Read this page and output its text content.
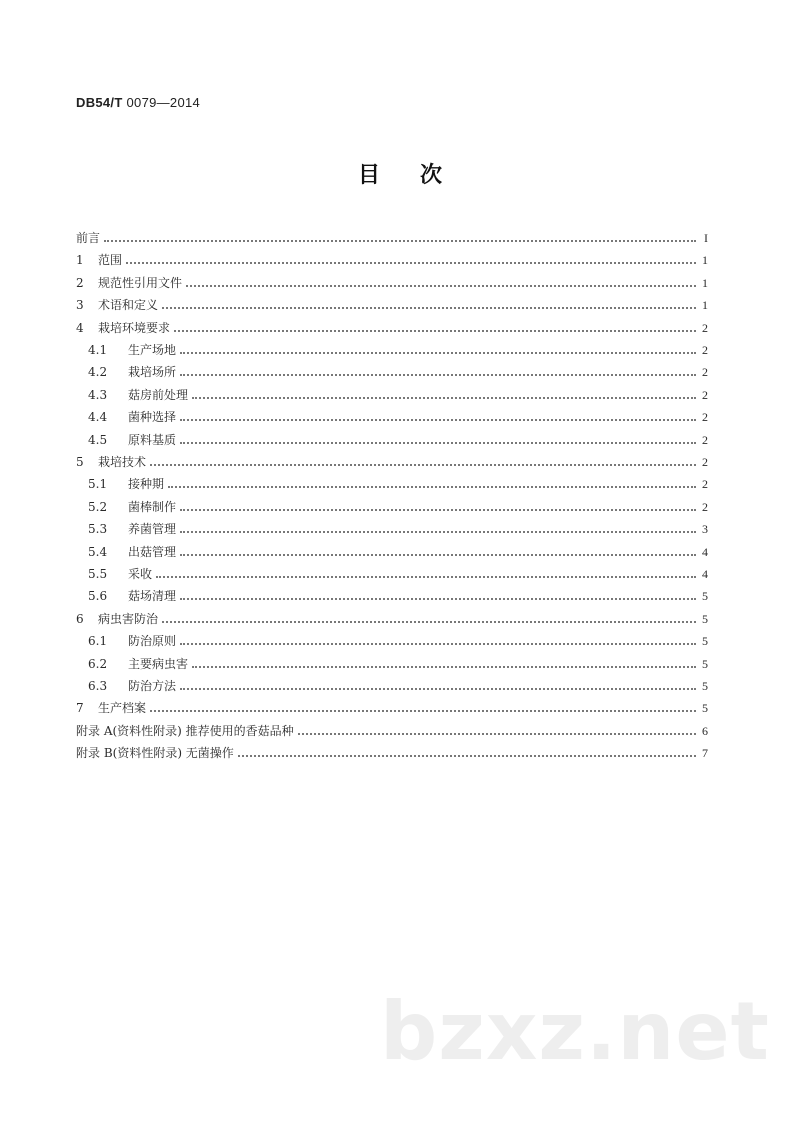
DB54/T 0079—2014
目 次
前言	I
1	范围	1
2	规范性引用文件	1
3	术语和定义	1
4	栽培环境要求	2
4.1	生产场地	2
4.2	栽培场所	2
4.3	菇房前处理	2
4.4	菌种选择	2
4.5	原料基质	2
5	栽培技术	2
5.1	接种期	2
5.2	菌棒制作	2
5.3	养菌管理	3
5.4	出菇管理	4
5.5	采收	4
5.6	菇场清理	5
6	病虫害防治	5
6.1	防治原则	5
6.2	主要病虫害	5
6.3	防治方法	5
7	生产档案	5
附录 A(资料性附录) 推荐使用的香菇品种	6
附录 B(资料性附录) 无菌操作	7
bzxz.net
